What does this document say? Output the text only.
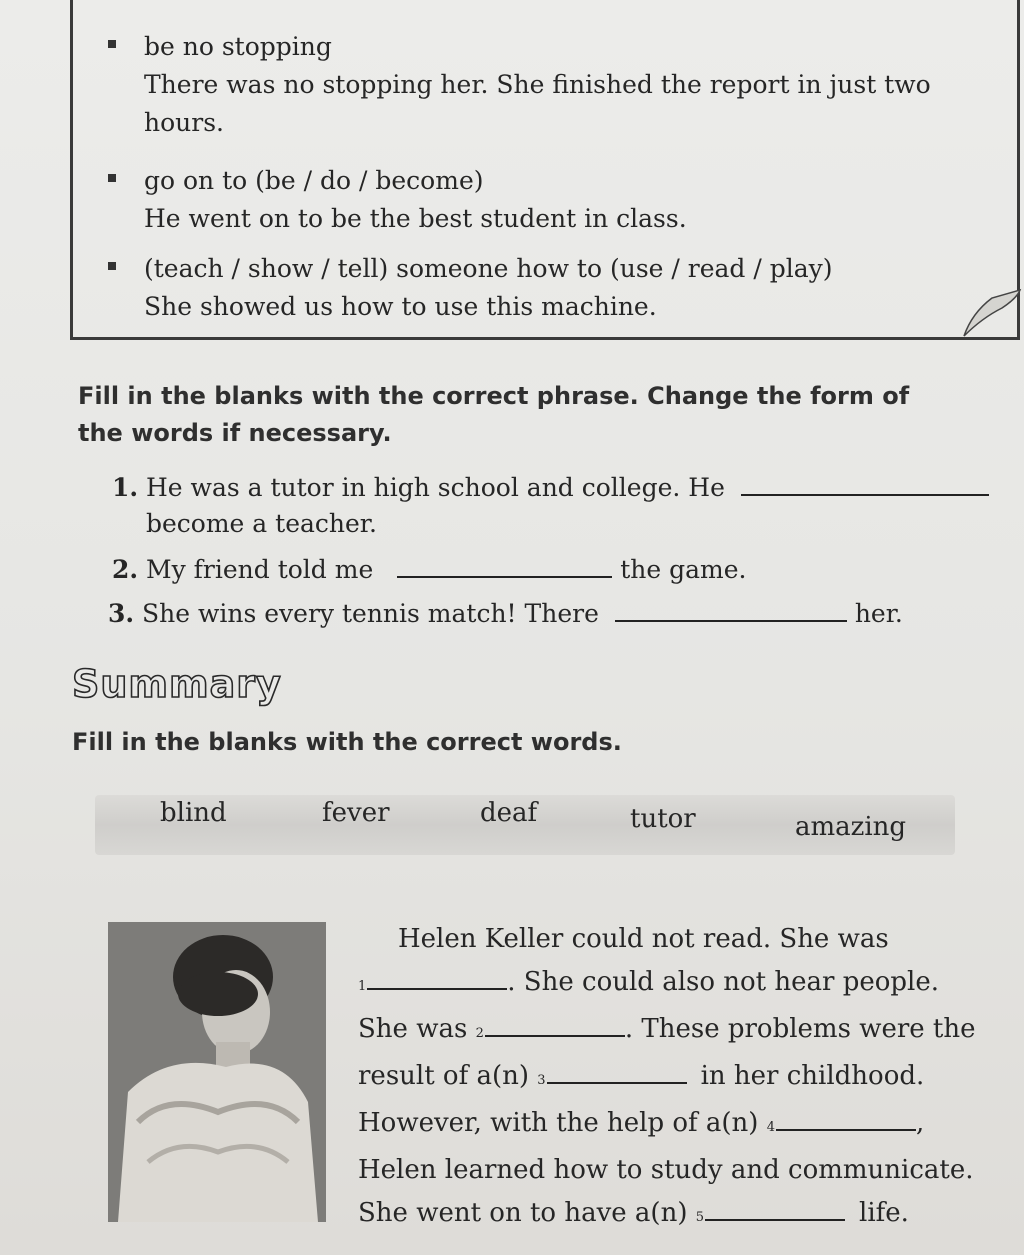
be no stopping
There was no stopping her. She finished the report in just two
hours.
go on to (be / do / become)
He went on to be the best student in class.
(teach / show / tell) someone how to (use / read / play)
She showed us how to use this machine.
Fill in the blanks with the correct phrase. Change the form of
the words if necessary.
1. He was a tutor in high school and college. He
become a teacher.
2. My friend told me	the game.
3. She wins every tennis match! There	her.
Summary
Fill in the blanks with the correct words.
blind	fever	deaf	tutor	amazing
Helen Keller could not read. She was
1	. She could also not hear people.
She was 2	. These problems were the
result of a(n) 3	in her childhood.
However, with the help of a(n) 4	,
Helen learned how to study and communicate.
She went on to have a(n) 5	life.
